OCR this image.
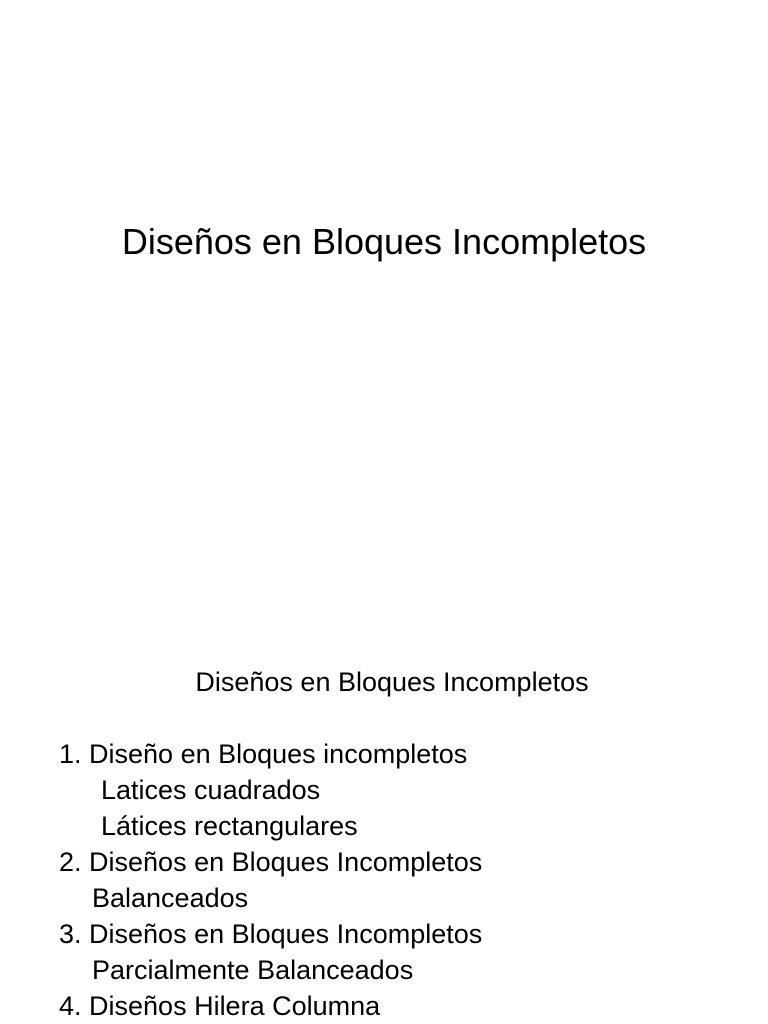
Diseños en Bloques Incompletos
Diseños en Bloques Incompletos
1. Diseño en Bloques incompletos
Latices cuadrados
Látices rectangulares
2. Diseños en Bloques Incompletos
Balanceados
3. Diseños en Bloques Incompletos
Parcialmente Balanceados
4. Diseños Hilera Columna
